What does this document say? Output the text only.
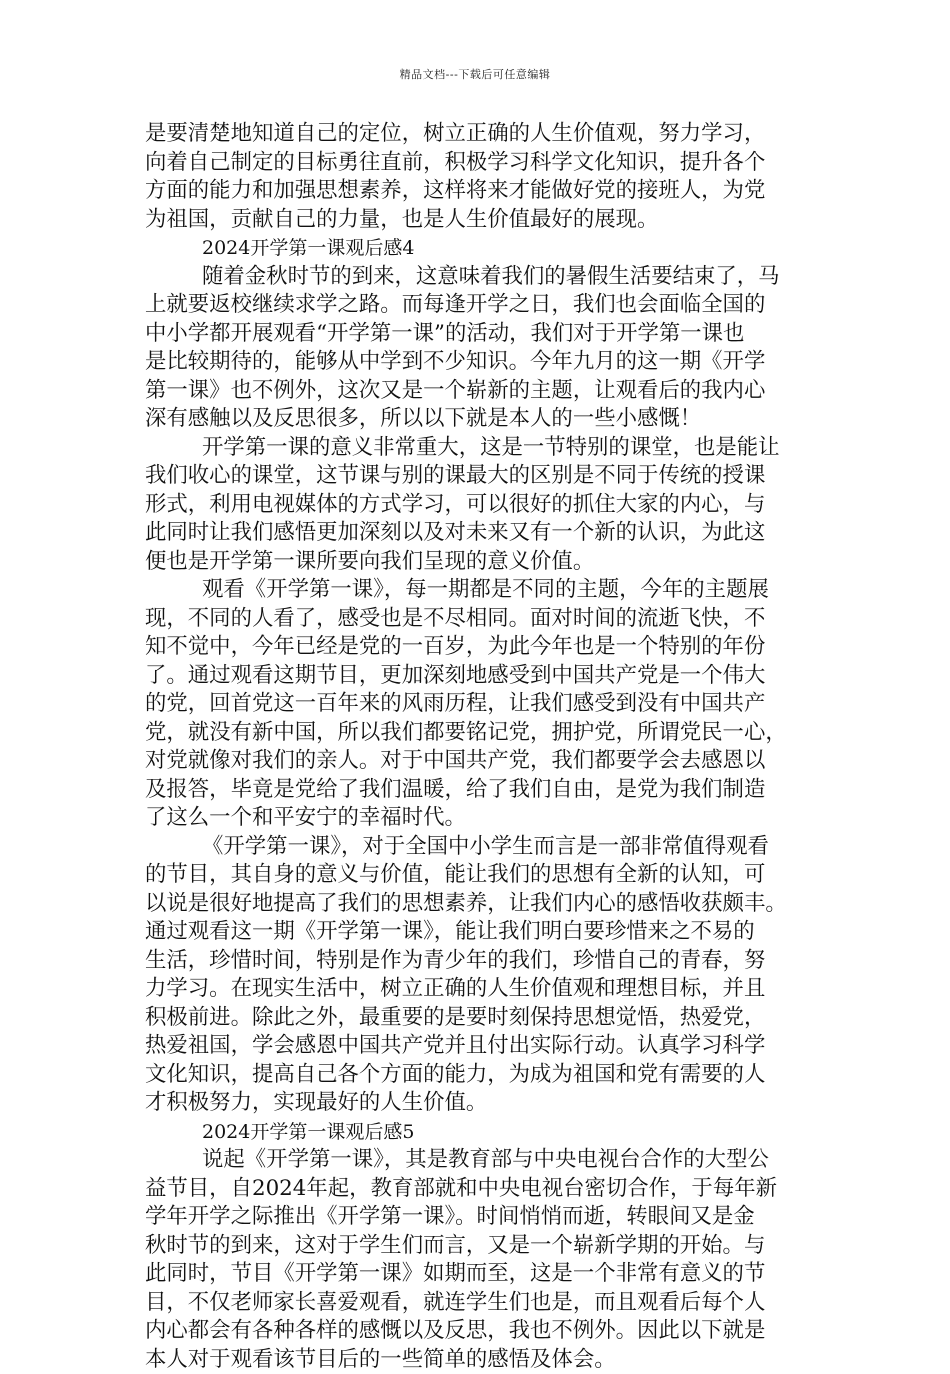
精品文档---下载后可任意编辑
是要清楚地知道自己的定位，树立正确的人生价值观，努力学习，
向着自己制定的目标勇往直前，积极学习科学文化知识，提升各个
方面的能力和加强思想素养，这样将来才能做好党的接班人，为党
为祖国，贡献自己的力量，也是人生价值最好的展现。
2024开学第一课观后感4
随着金秋时节的到来，这意味着我们的暑假生活要结束了，马
上就要返校继续求学之路。而每逢开学之日，我们也会面临全国的
中小学都开展观看“开学第一课”的活动，我们对于开学第一课也
是比较期待的，能够从中学到不少知识。今年九月的这一期《开学
第一课》也不例外，这次又是一个崭新的主题，让观看后的我内心
深有感触以及反思很多，所以以下就是本人的一些小感慨！
开学第一课的意义非常重大，这是一节特别的课堂，也是能让
我们收心的课堂，这节课与别的课最大的区别是不同于传统的授课
形式，利用电视媒体的方式学习，可以很好的抓住大家的内心，与
此同时让我们感悟更加深刻以及对未来又有一个新的认识，为此这
便也是开学第一课所要向我们呈现的意义价值。
观看《开学第一课》，每一期都是不同的主题，今年的主题展
现，不同的人看了，感受也是不尽相同。面对时间的流逝飞快，不
知不觉中，今年已经是党的一百岁，为此今年也是一个特别的年份
了。通过观看这期节目，更加深刻地感受到中国共产党是一个伟大
的党，回首党这一百年来的风雨历程，让我们感受到没有中国共产
党，就没有新中国，所以我们都要铭记党，拥护党，所谓党民一心，
对党就像对我们的亲人。对于中国共产党，我们都要学会去感恩以
及报答，毕竟是党给了我们温暖，给了我们自由，是党为我们制造
了这么一个和平安宁的幸福时代。
《开学第一课》，对于全国中小学生而言是一部非常值得观看
的节目，其自身的意义与价值，能让我们的思想有全新的认知，可
以说是很好地提高了我们的思想素养，让我们内心的感悟收获颇丰。
通过观看这一期《开学第一课》，能让我们明白要珍惜来之不易的
生活，珍惜时间，特别是作为青少年的我们，珍惜自己的青春，努
力学习。在现实生活中，树立正确的人生价值观和理想目标，并且
积极前进。除此之外，最重要的是要时刻保持思想觉悟，热爱党，
热爱祖国，学会感恩中国共产党并且付出实际行动。认真学习科学
文化知识，提高自己各个方面的能力，为成为祖国和党有需要的人
才积极努力，实现最好的人生价值。
2024开学第一课观后感5
说起《开学第一课》，其是教育部与中央电视台合作的大型公
益节目，自2024年起，教育部就和中央电视台密切合作，于每年新
学年开学之际推出《开学第一课》。时间悄悄而逝，转眼间又是金
秋时节的到来，这对于学生们而言，又是一个崭新学期的开始。与
此同时，节目《开学第一课》如期而至，这是一个非常有意义的节
目，不仅老师家长喜爱观看，就连学生们也是，而且观看后每个人
内心都会有各种各样的感慨以及反思，我也不例外。因此以下就是
本人对于观看该节目后的一些简单的感悟及体会。
